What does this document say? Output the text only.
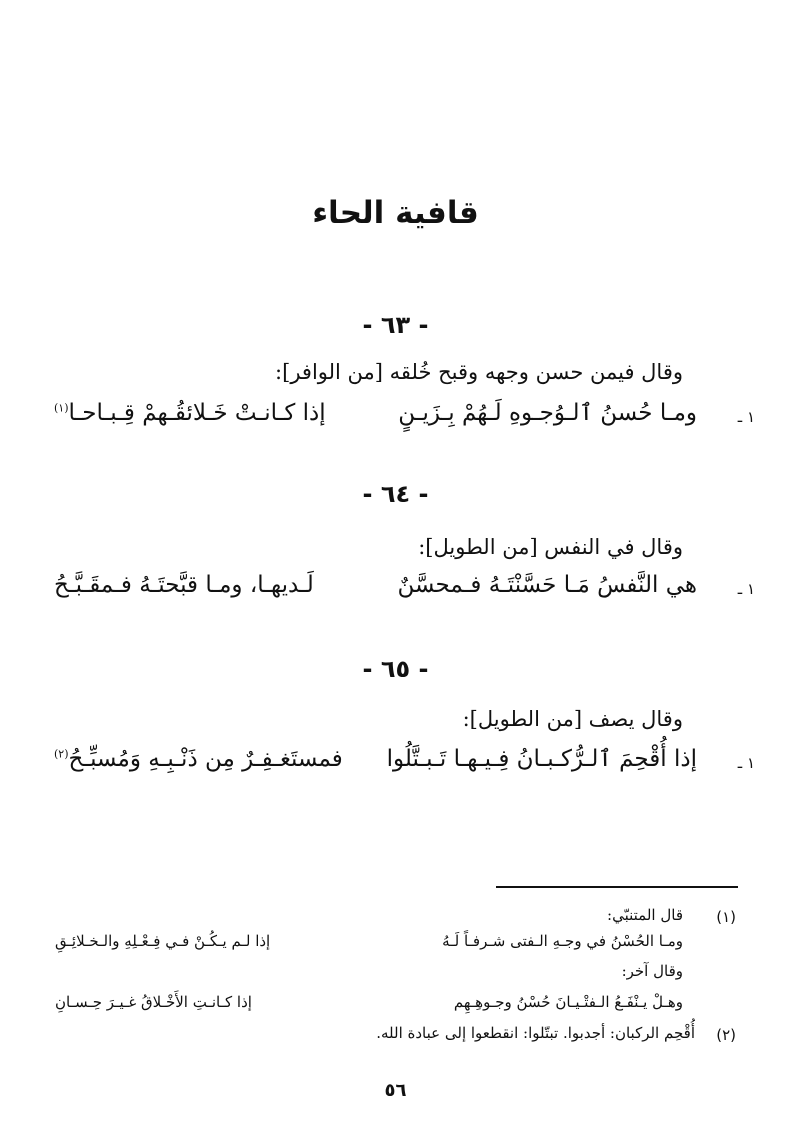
قافية الحاء
- ٦٣ -
وقال فيمن حسن وجهه وقبح خُلقه [من الوافر]:
١ ـ
ومـا حُسنُ ٱلـوُجـوهِ لَـهُمْ بِـزَيـنٍ
إذا كـانـتْ خَـلائقُـهمْ قِـبـاحـا$^{(١)}$
- ٦٤ -
وقال في النفس [من الطويل]:
١ ـ
هي النَّفسُ مَـا حَسَّنْتَـهُ فـمحسَّنٌ
لَـديهـا، ومـا قبَّحتَـهُ فـمقَـبَّـحُ
- ٦٥ -
وقال يصف [من الطويل]:
١ ـ
إذا أُقْحِمَ ٱلـرُّكـبـانُ فِـيـهـا تَـبـتَّلُوا
فمستَغـفِـرٌ مِن ذَنْـبِـهِ وَمُسبِّـحُ$^{(٢)}$
(١)
قال المتنبّي:
ومـا الحُسْنُ في وجـهِ الـفتى شـرفـاً لَـهُ
إذا لـم يـكُـنْ فـي فِـعْـلِهِ والـخـلائِـقِ
وقال آخر:
وهـلْ يـنْفَـعُ الـفتْـيـانَ حُسْنُ وجـوهِـهِم
إذا كـانـتِ الأَخْـلاقُ غـيـرَ حِـسـانِ
(٢)
أُقْحِم الركبان: أجدبوا. تبتّلوا: انقطعوا إلى عبادة الله.
٥٦
